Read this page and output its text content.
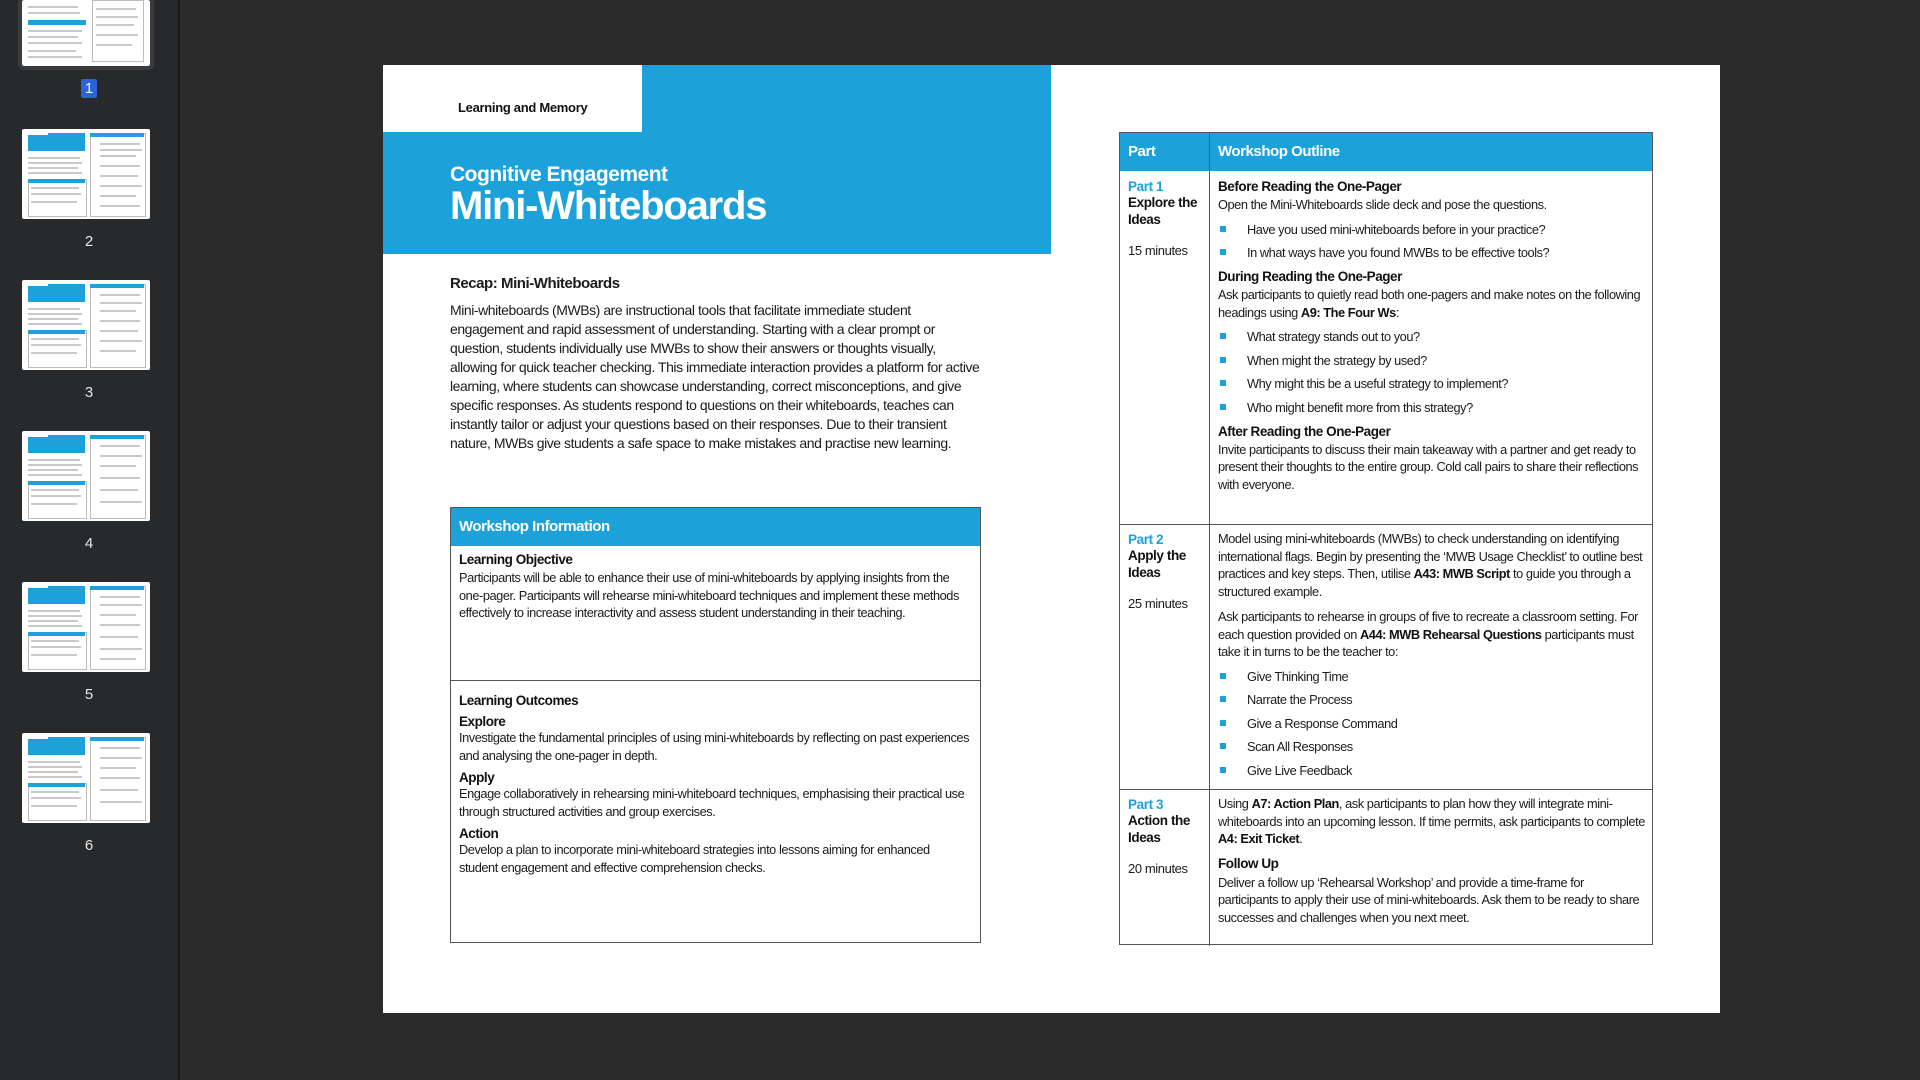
1
2
3
4
5
6
Learning and Memory
Cognitive Engagement
Mini-Whiteboards
Recap: Mini-Whiteboards
Mini-whiteboards (MWBs) are instructional tools that facilitate immediate student engagement and rapid assessment of understanding. Starting with a clear prompt or question, students individually use MWBs to show their answers or thoughts visually, allowing for quick teacher checking. This immediate interaction provides a platform for active learning, where students can showcase understanding, correct misconceptions, and give specific responses. As students respond to questions on their whiteboards, teaches can instantly tailor or adjust your questions based on their responses. Due to their transient nature, MWBs give students a safe space to make mistakes and practise new learning.
Workshop Information

Learning Objective

Participants will be able to enhance their use of mini-whiteboards by applying insights from the one-pager. Participants will rehearse mini-whiteboard techniques and implement these methods effectively to increase interactivity and assess student understanding in their teaching.

Learning Outcomes

Explore

Investigate the fundamental principles of using mini-whiteboards by reflecting on past experiences and analysing the one-pager in depth.

Apply

Engage collaboratively in rehearsing mini-whiteboard techniques, emphasising their practical use through structured activities and group exercises.

Action

Develop a plan to incorporate mini-whiteboard strategies into lessons aiming for enhanced student engagement and effective comprehension checks.

Part	Workshop Outline
Part 1
Explore the Ideas
15 minutes

Before Reading the One-Pager

Open the Mini-Whiteboards slide deck and pose the questions.

Have you used mini-whiteboards before in your practice?
In what ways have you found MWBs to be effective tools?

During Reading the One-Pager

Ask participants to quietly read both one-pagers and make notes on the following headings using A9: The Four Ws:

What strategy stands out to you?
When might the strategy by used?
Why might this be a useful strategy to implement?
Who might benefit more from this strategy?

After Reading the One-Pager

Invite participants to discuss their main takeaway with a partner and get ready to present their thoughts to the entire group. Cold call pairs to share their reflections with everyone.

Part 2
Apply the Ideas
25 minutes

Model using mini-whiteboards (MWBs) to check understanding on identifying international flags. Begin by presenting the ‘MWB Usage Checklist’ to outline best practices and key steps. Then, utilise A43: MWB Script to guide you through a structured example.

Ask participants to rehearse in groups of five to recreate a classroom setting. For each question provided on A44: MWB Rehearsal Questions participants must take it in turns to be the teacher to:

Give Thinking Time
Narrate the Process
Give a Response Command
Scan All Responses
Give Live Feedback
Part 3
Action the Ideas
20 minutes

Using A7: Action Plan, ask participants to plan how they will integrate mini-whiteboards into an upcoming lesson. If time permits, ask participants to complete A4: Exit Ticket.

Follow Up

Deliver a follow up ‘Rehearsal Workshop’ and provide a time-frame for participants to apply their use of mini-whiteboards. Ask them to be ready to share successes and challenges when you next meet.
